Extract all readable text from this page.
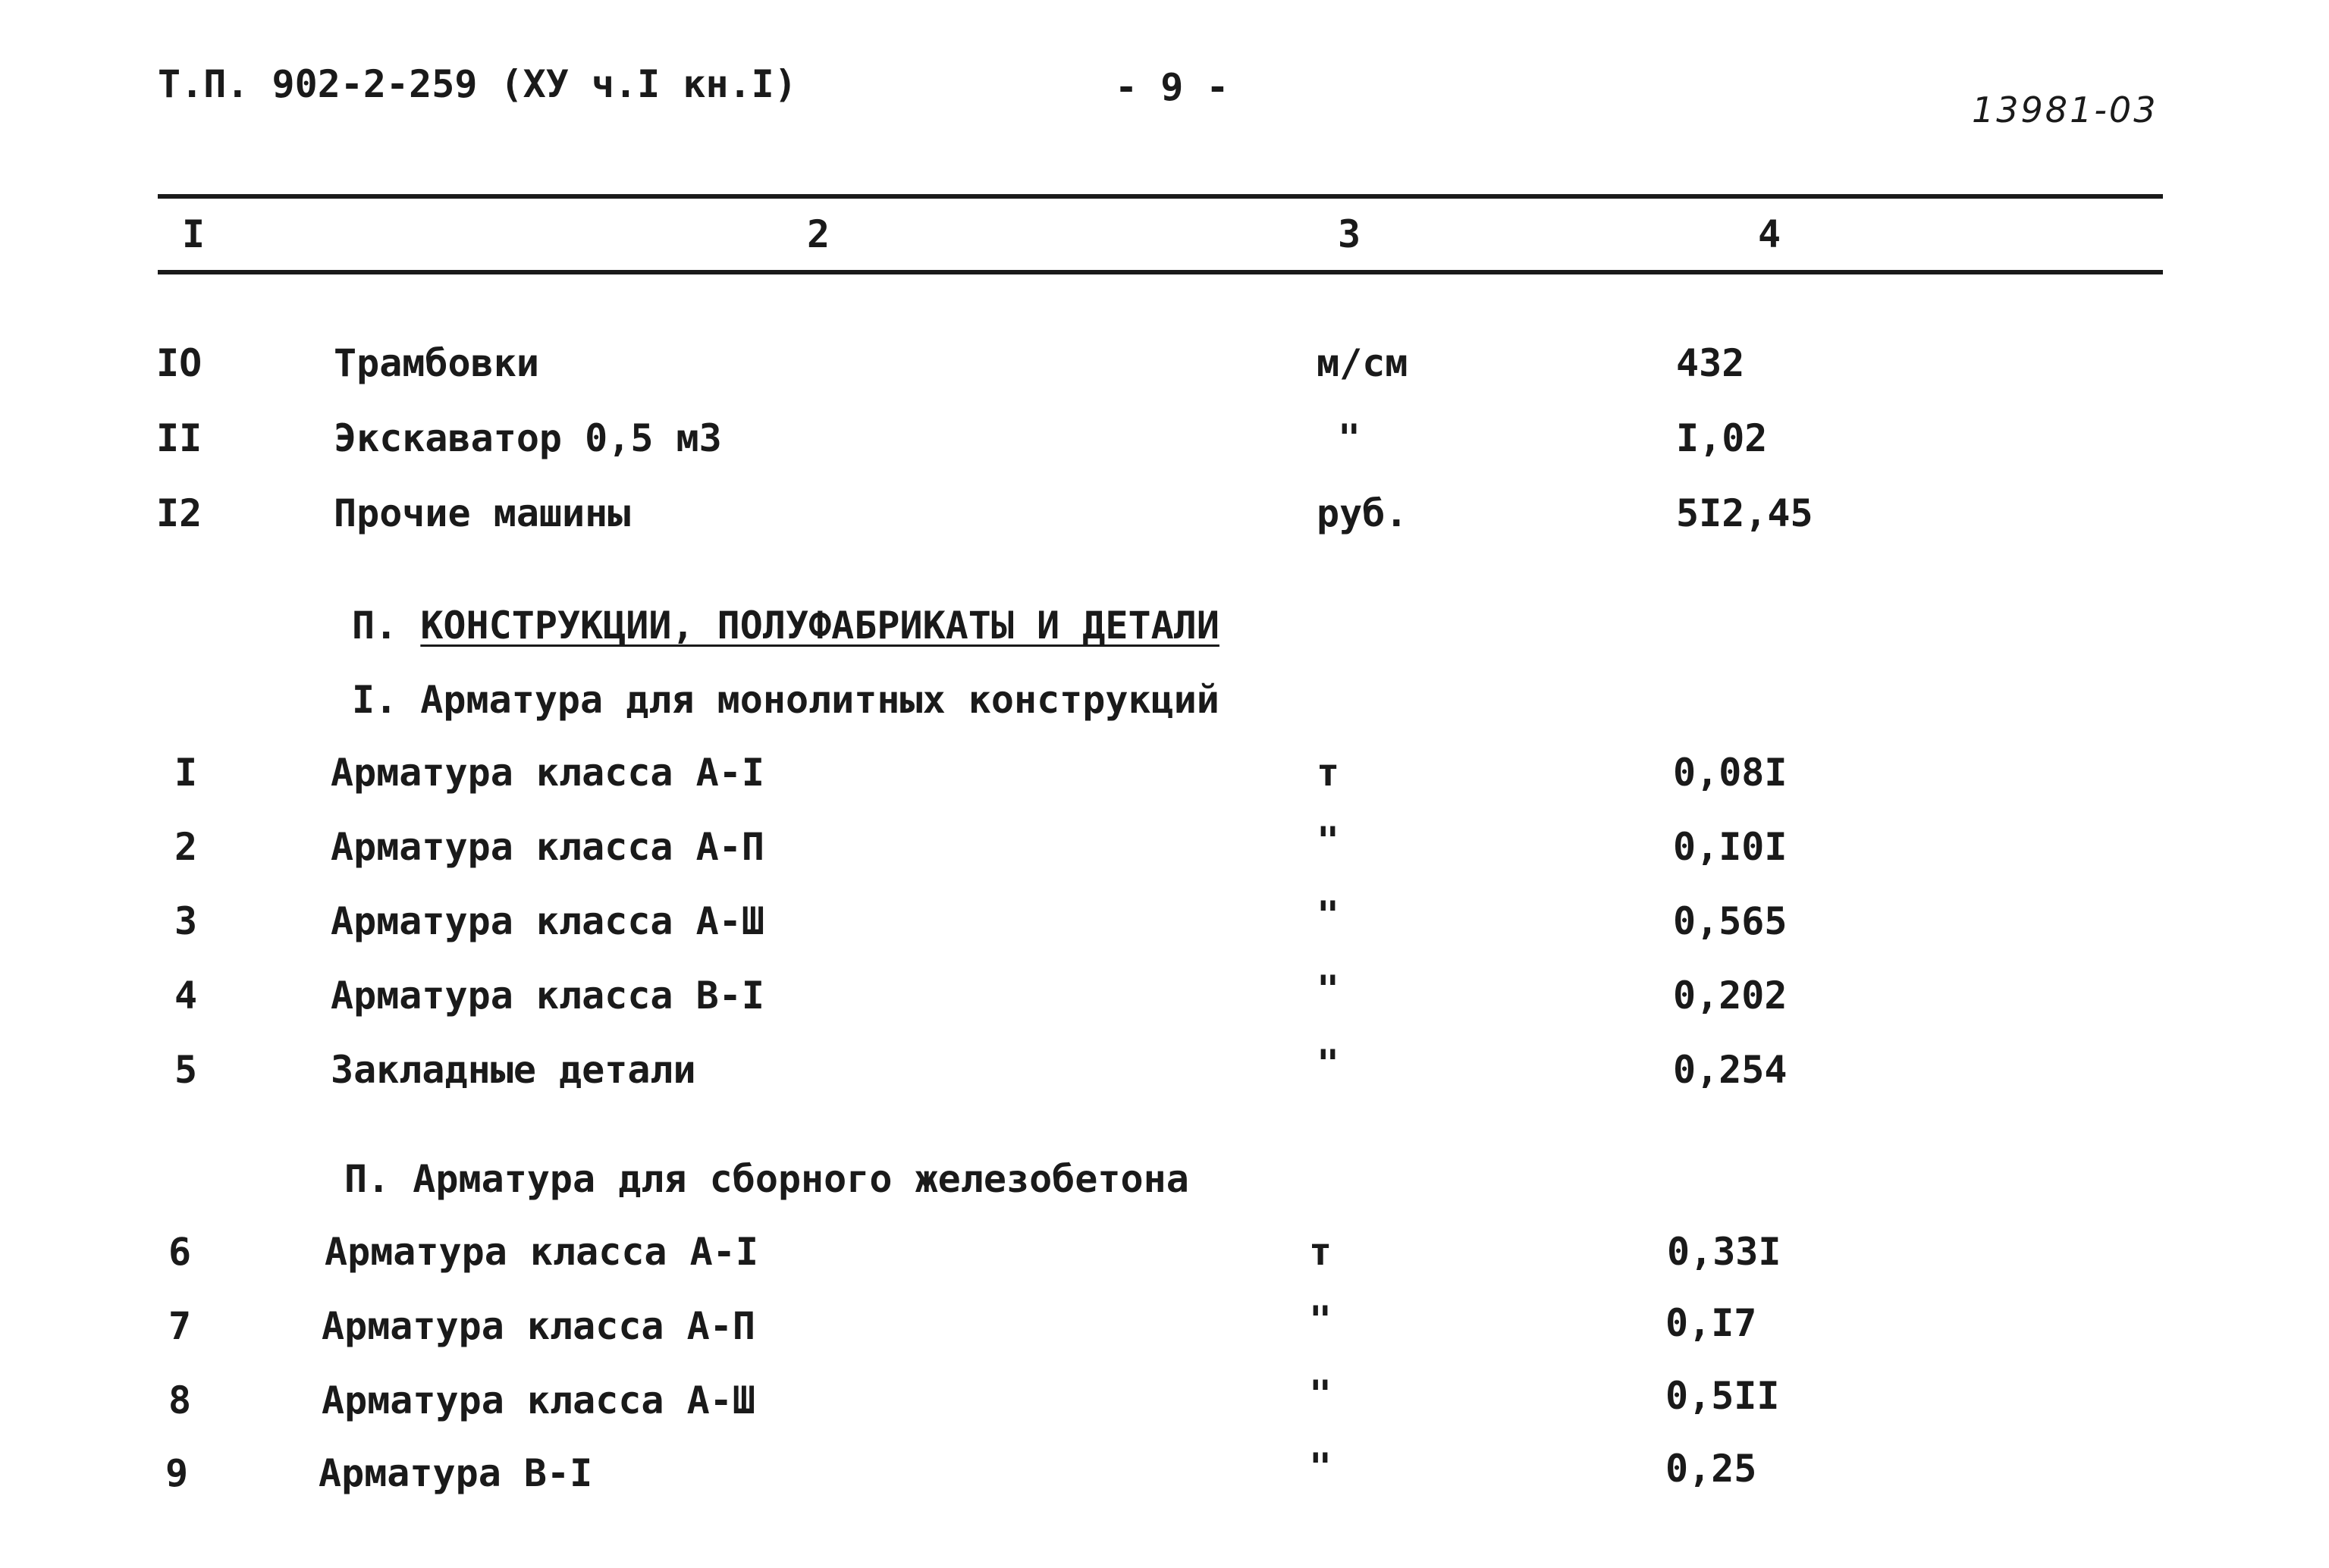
Т.П. 902-2-259 (ХУ ч.I кн.I)	- 9 -
13981-03
I	2	3	4
IO	Трамбовки	м/см	432
II	Экскаватор 0,5 м3	"	I,02
I2	Прочие машины	руб.	5I2,45
П. КОНСТРУКЦИИ, ПОЛУФАБРИКАТЫ И ДЕТАЛИ
I. Арматура для монолитных конструкций
I	Арматура класса А-I	т	0,08I
2	Арматура класса А-П	"	0,I0I
3	Арматура класса А-Ш	"	0,565
4	Арматура класса В-I	"	0,202
5	Закладные детали	"	0,254
П. Арматура для сборного железобетона
6	Арматура класса А-I	т	0,33I
7	Арматура класса А-П	"	0,I7
8	Арматура класса А-Ш	"	0,5II
9	Арматура В-I	"	0,25
